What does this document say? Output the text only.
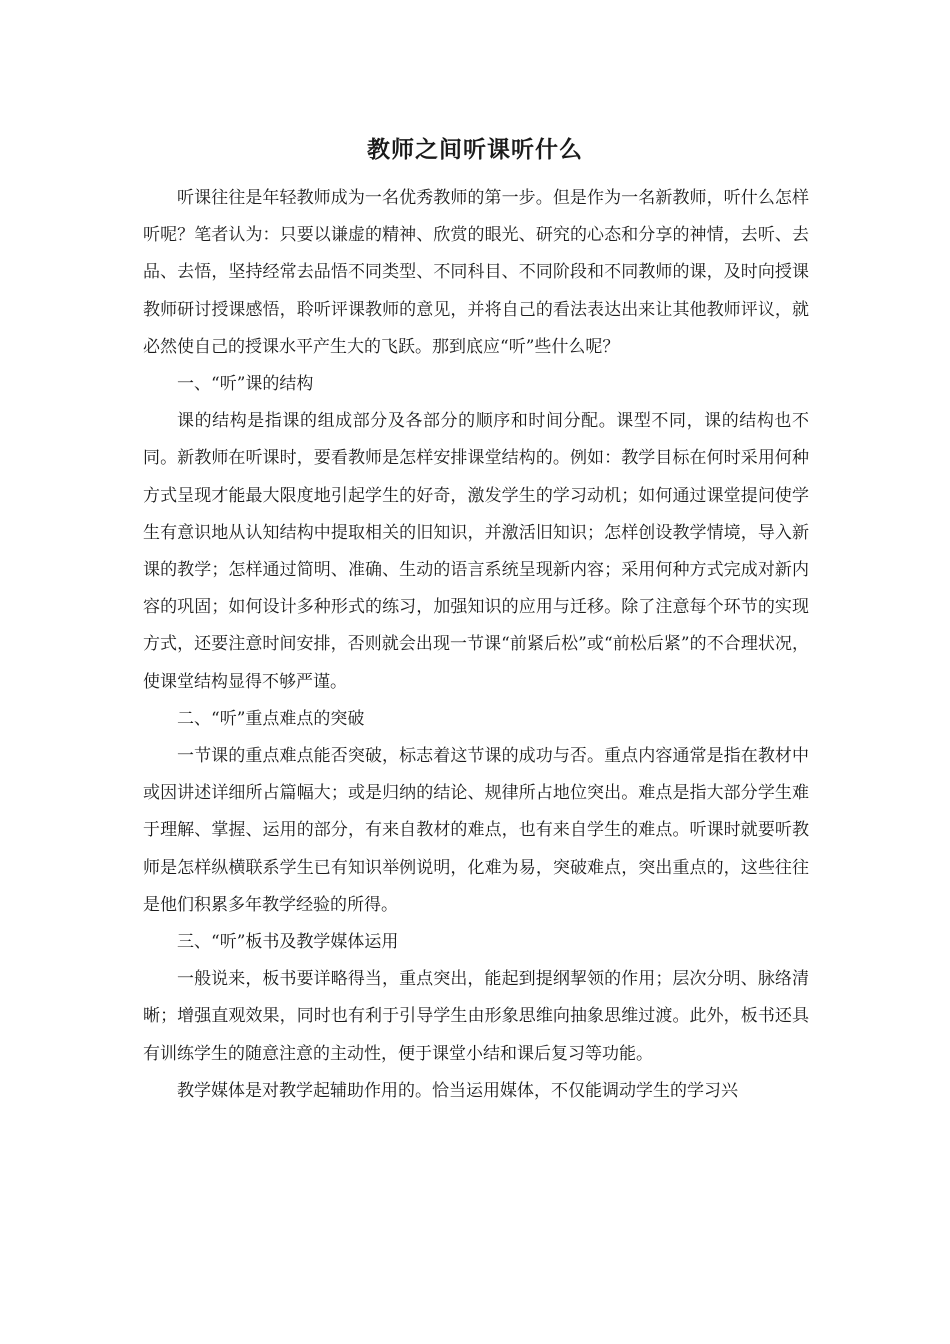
教师之间听课听什么

听课往往是年轻教师成为一名优秀教师的第一步。但是作为一名新教师，听什么怎样听呢？笔者认为：只要以谦虚的精神、欣赏的眼光、研究的心态和分享的神情，去听、去品、去悟，坚持经常去品悟不同类型、不同科目、不同阶段和不同教师的课，及时向授课教师研讨授课感悟，聆听评课教师的意见，并将自己的看法表达出来让其他教师评议，就必然使自己的授课水平产生大的飞跃。那到底应“听”些什么呢？

一、“听”课的结构

课的结构是指课的组成部分及各部分的顺序和时间分配。课型不同，课的结构也不同。新教师在听课时，要看教师是怎样安排课堂结构的。例如：教学目标在何时采用何种方式呈现才能最大限度地引起学生的好奇，激发学生的学习动机；如何通过课堂提问使学生有意识地从认知结构中提取相关的旧知识，并激活旧知识；怎样创设教学情境，导入新课的教学；怎样通过简明、准确、生动的语言系统呈现新内容；采用何种方式完成对新内容的巩固；如何设计多种形式的练习，加强知识的应用与迁移。除了注意每个环节的实现方式，还要注意时间安排，否则就会出现一节课“前紧后松”或“前松后紧”的不合理状况，使课堂结构显得不够严谨。

二、“听”重点难点的突破

一节课的重点难点能否突破，标志着这节课的成功与否。重点内容通常是指在教材中或因讲述详细所占篇幅大；或是归纳的结论、规律所占地位突出。难点是指大部分学生难于理解、掌握、运用的部分，有来自教材的难点，也有来自学生的难点。听课时就要听教师是怎样纵横联系学生已有知识举例说明，化难为易，突破难点，突出重点的，这些往往是他们积累多年教学经验的所得。

三、“听”板书及教学媒体运用

一般说来，板书要详略得当，重点突出，能起到提纲挈领的作用；层次分明、脉络清晰；增强直观效果，同时也有利于引导学生由形象思维向抽象思维过渡。此外，板书还具有训练学生的随意注意的主动性，便于课堂小结和课后复习等功能。

教学媒体是对教学起辅助作用的。恰当运用媒体，不仅能调动学生的学习兴
